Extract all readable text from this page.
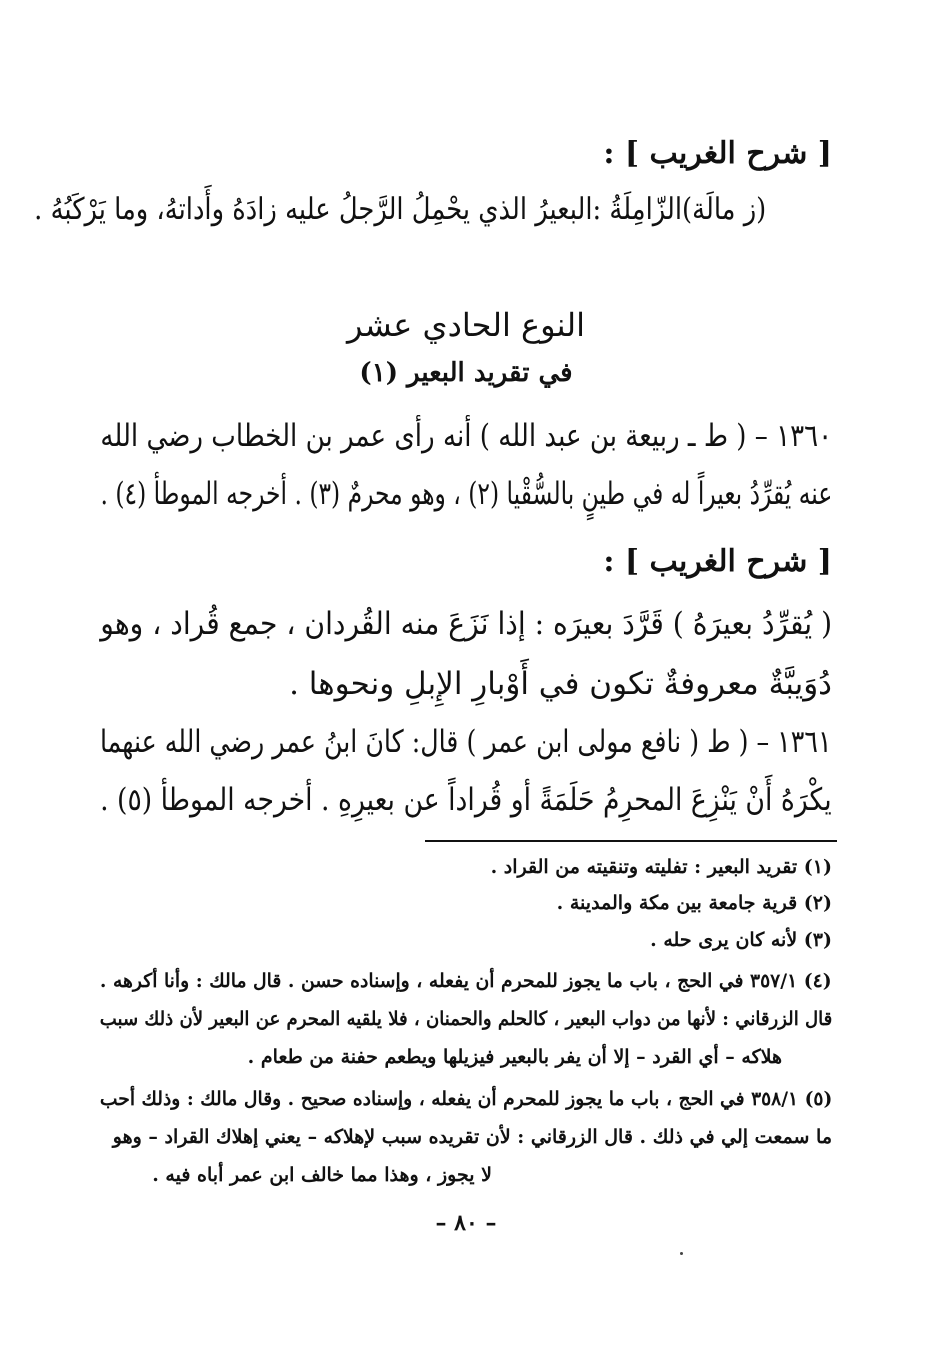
[ شرح الغريب ] :
(ز مالَة)الزّامِلَةُ :البعيرُ الذي يحْمِلُ الرَّجلُ عليه زادَهُ وأَداتهُ، وما يَرْكَبُهُ .
النوع الحادي عشر
في تقريد البعير (١)
١٣٦٠ – ( ط ـ ربيعة بن عبد الله ) أنه رأى عمر بن الخطاب رضي الله
عنه يُقرِّدُ بعيراً له في طينٍ بالسُّقْيا (٢) ، وهو محرمٌ (٣) . أخرجه الموطأ (٤) .
[ شرح الغريب ] :
( يُقرِّدُ بعيرَهُ ) قَرَّدَ بعيرَه : إذا نَزَعَ منه القُردان ، جمع قُراد ، وهو
دُوَيبَّةٌ معروفةٌ تكون في أَوْبارِ الإِبلِ ونحوها .
١٣٦١ – ( ط ( نافع مولى ابن عمر ) قال: كانَ ابنُ عمر رضي الله عنهما
يكْرَهُ أَنْ يَنْزِعَ المحرِمُ حَلَمَةً أو قُراداً عن بعيرِهِ . أخرجه الموطأ (٥) .
(١) تقريد البعير : تفليته وتنقيته من القراد .
(٢) قرية جامعة بين مكة والمدينة .
(٣) لأنه كان يرى حله .
(٤) ٣٥٧/١ في الحج ، باب ما يجوز للمحرم أن يفعله ، وإسناده حسن . قال مالك : وأنا أكرهه .
قال الزرقاني : لأنها من دواب البعير ، كالحلم والحمنان ، فلا يلقيه المحرم عن البعير لأن ذلك سبب
هلاكه – أي القرد – إلا أن يفر بالبعير فيزيلها ويطعم حفنة من طعام .
(٥) ٣٥٨/١ في الحج ، باب ما يجوز للمحرم أن يفعله ، وإسناده صحيح . وقال مالك : وذلك أحب
ما سمعت إلي في ذلك . قال الزرقاني : لأن تقريده سبب لإهلاكه – يعني إهلاك القراد – وهو
لا يجوز ، وهذا مما خالف ابن عمر أباه فيه .
– ٨٠ –
